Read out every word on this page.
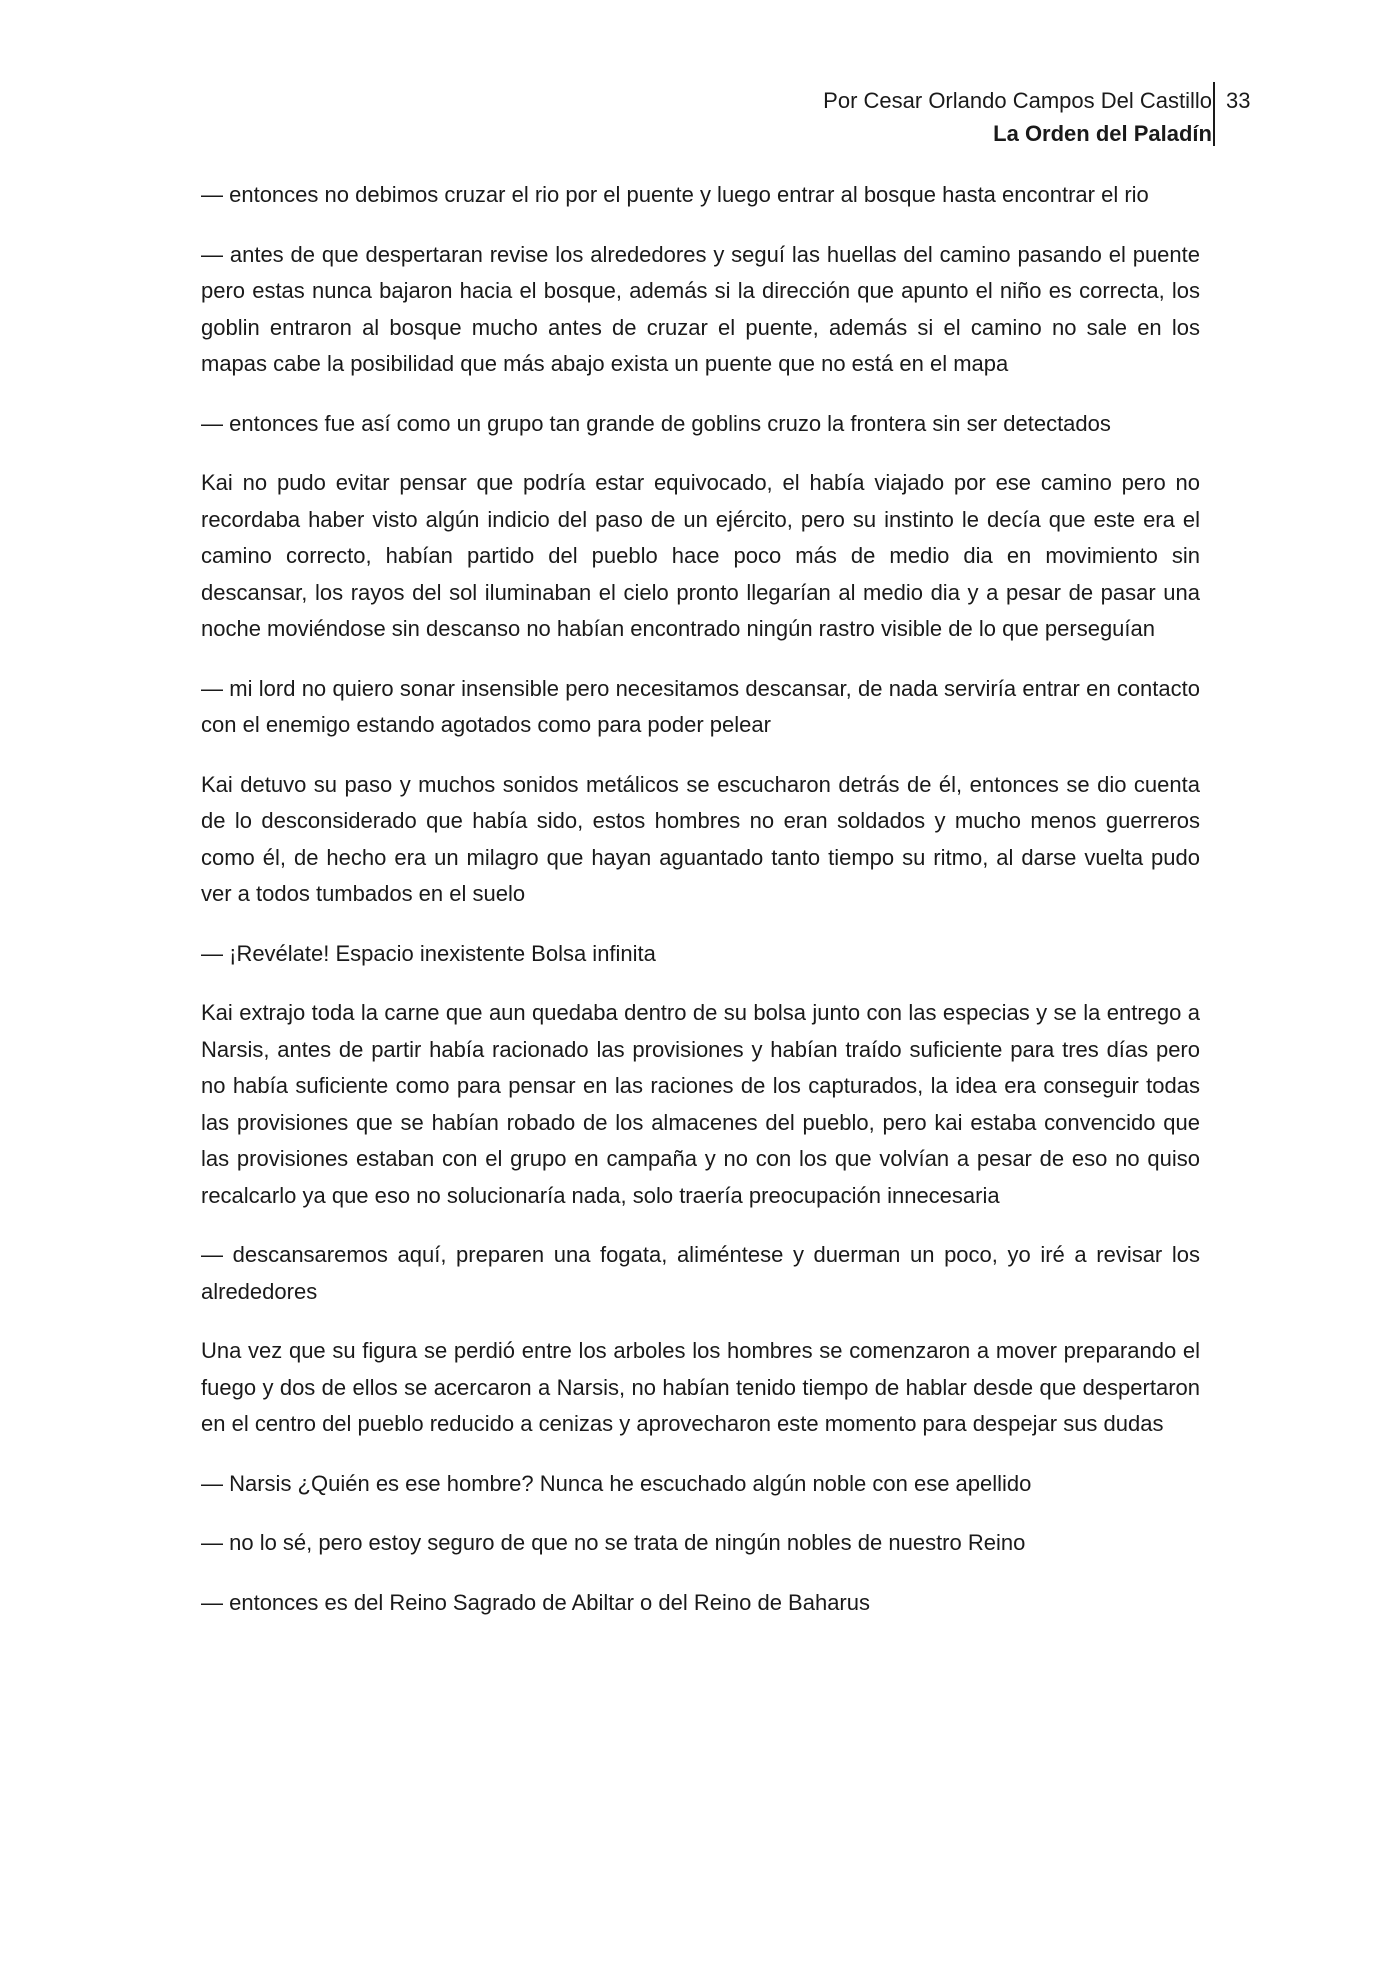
Por Cesar Orlando Campos Del Castillo
La Orden del Paladín
33

— entonces no debimos cruzar el rio por el puente y luego entrar al bosque hasta encontrar el rio

— antes de que despertaran revise los alrededores y seguí las huellas del camino pasando el puente pero estas nunca bajaron hacia el bosque, además si la dirección que apunto el niño es correcta, los goblin entraron al bosque mucho antes de cruzar el puente, además si el camino no sale en los mapas cabe la posibilidad que más abajo exista un puente que no está en el mapa

— entonces fue así como un grupo tan grande de goblins cruzo la frontera sin ser detectados

Kai no pudo evitar pensar que podría estar equivocado, el había viajado por ese camino pero no recordaba haber visto algún indicio del paso de un ejército, pero su instinto le decía que este era el camino correcto, habían partido del pueblo hace poco más de medio dia en movimiento sin descansar, los rayos del sol iluminaban el cielo pronto llegarían al medio dia y a pesar de pasar una noche moviéndose sin descanso no habían encontrado ningún rastro visible de lo que perseguían

— mi lord no quiero sonar insensible pero necesitamos descansar, de nada serviría entrar en contacto con el enemigo estando agotados como para poder pelear

Kai detuvo su paso y muchos sonidos metálicos se escucharon detrás de él, entonces se dio cuenta de lo desconsiderado que había sido, estos hombres no eran soldados y mucho menos guerreros como él, de hecho era un milagro que hayan aguantado tanto tiempo su ritmo, al darse vuelta pudo ver a todos tumbados en el suelo

— ¡Revélate! Espacio inexistente Bolsa infinita

Kai extrajo toda la carne que aun quedaba dentro de su bolsa junto con las especias y se la entrego a Narsis, antes de partir había racionado las provisiones y habían traído suficiente para tres días pero no había suficiente como para pensar en las raciones de los capturados, la idea era conseguir todas las provisiones que se habían robado de los almacenes del pueblo, pero kai estaba convencido que las provisiones estaban con el grupo en campaña y no con los que volvían a pesar de eso no quiso recalcarlo ya que eso no solucionaría nada, solo traería preocupación innecesaria

— descansaremos aquí, preparen una fogata, aliméntese y duerman un poco, yo iré a revisar los alrededores

Una vez que su figura se perdió entre los arboles los hombres se comenzaron a mover preparando el fuego y dos de ellos se acercaron a Narsis, no habían tenido tiempo de hablar desde que despertaron en el centro del pueblo reducido a cenizas y aprovecharon este momento para despejar sus dudas

— Narsis ¿Quién es ese hombre? Nunca he escuchado algún noble con ese apellido

— no lo sé, pero estoy seguro de que no se trata de ningún nobles de nuestro Reino

— entonces es del Reino Sagrado de Abiltar o del Reino de Baharus
